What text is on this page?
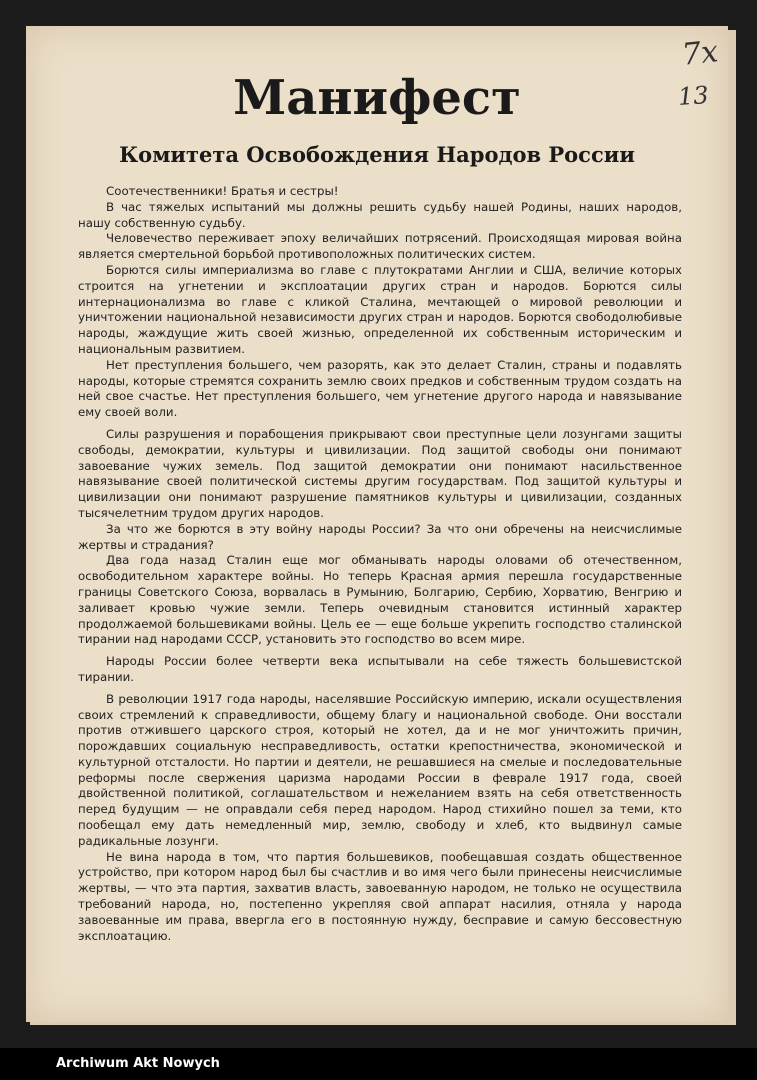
7x
13
Манифест
Комитета Освобождения Народов России

Соотечественники! Братья и сестры!

В час тяжелых испытаний мы должны решить судьбу нашей Родины, наших народов, нашу собственную судьбу.

Человечество переживает эпоху величайших потрясений. Происходящая мировая война является смертельной борьбой противоположных политических систем.

Борются силы империализма во главе с плутократами Англии и США, величие которых строится на угнетении и эксплоатации других стран и народов. Борются силы интернационализма во главе с кликой Сталина, мечтающей о мировой революции и уничтожении национальной независимости других стран и народов. Борются свободолюбивые народы, жаждущие жить своей жизнью, определенной их собственным историческим и национальным развитием.

Нет преступления большего, чем разорять, как это делает Сталин, страны и подавлять народы, которые стремятся сохранить землю своих предков и собственным трудом создать на ней свое счастье. Нет преступления большего, чем угнетение другого народа и навязывание ему своей воли.

Силы разрушения и порабощения прикрывают свои преступные цели лозунгами защиты свободы, демократии, культуры и цивилизации. Под защитой свободы они понимают завоевание чужих земель. Под защитой демократии они понимают насильственное навязывание своей политической системы другим государствам. Под защитой культуры и цивилизации они понимают разрушение памятников культуры и цивилизации, созданных тысячелетним трудом других народов.

За что же борются в эту войну народы России? За что они обречены на неисчислимые жертвы и страдания?

Два года назад Сталин еще мог обманывать народы оловами об отечественном, освободительном характере войны. Но теперь Красная армия перешла государственные границы Советского Союза, ворвалась в Румынию, Болгарию, Сербию, Хорватию, Венгрию и заливает кровью чужие земли. Теперь очевидным становится истинный характер продолжаемой большевиками войны. Цель ее — еще больше укрепить господство сталинской тирании над народами СССР, установить это господство во всем мире.

Народы России более четверти века испытывали на себе тяжесть большевистской тирании.

В революции 1917 года народы, населявшие Российскую империю, искали осуществления своих стремлений к справедливости, общему благу и национальной свободе. Они восстали против отжившего царского строя, который не хотел, да и не мог уничтожить причин, порождавших социальную несправедливость, остатки крепостничества, экономической и культурной отсталости. Но партии и деятели, не решавшиеся на смелые и последовательные реформы после свержения царизма народами России в феврале 1917 года, своей двойственной политикой, соглашательством и нежеланием взять на себя ответственность перед будущим — не оправдали себя перед народом. Народ стихийно пошел за теми, кто пообещал ему дать немедленный мир, землю, свободу и хлеб, кто выдвинул самые радикальные лозунги.

Не вина народа в том, что партия большевиков, пообещавшая создать общественное устройство, при котором народ был бы счастлив и во имя чего были принесены неисчислимые жертвы, — что эта партия, захватив власть, завоеванную народом, не только не осуществила требований народа, но, постепенно укрепляя свой аппарат насилия, отняла у народа завоеванные им права, ввергла его в постоянную нужду, бесправие и самую бессовестную эксплоатацию.

Archiwum Akt Nowych
